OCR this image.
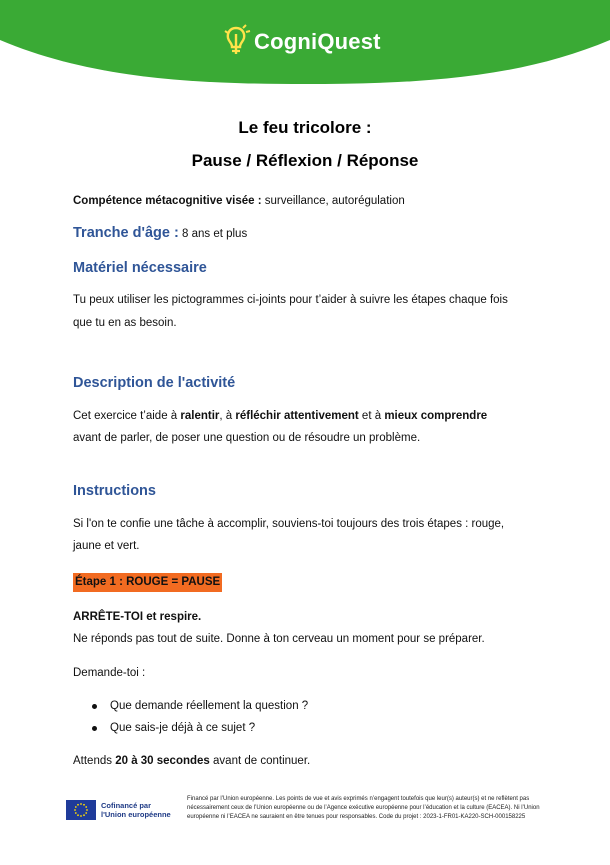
CogniQuest
Le feu tricolore :
Pause / Réflexion / Réponse
Compétence métacognitive visée : surveillance, autorégulation
Tranche d'âge : 8 ans et plus
Matériel nécessaire
Tu peux utiliser les pictogrammes ci-joints pour t’aider à suivre les étapes chaque fois
que tu en as besoin.
Description de l'activité
Cet exercice t’aide à ralentir, à réfléchir attentivement et à mieux comprendre
avant de parler, de poser une question ou de résoudre un problème.
Instructions
Si l'on te confie une tâche à accomplir, souviens-toi toujours des trois étapes : rouge,
jaune et vert.
Étape 1 : ROUGE = PAUSE
ARRÊTE-TOI et respire.
Ne réponds pas tout de suite. Donne à ton cerveau un moment pour se préparer.
Demande-toi :
Que demande réellement la question ?
Que sais-je déjà à ce sujet ?
Attends 20 à 30 secondes avant de continuer.
Cofinancé par
l'Union européenne
Financé par l’Union européenne. Les points de vue et avis exprimés n’engagent toutefois que leur(s) auteur(s) et ne reflètent pas nécessairement ceux de l’Union européenne ou de l’Agence exécutive européenne pour l’éducation et la culture (EACEA). Ni l’Union européenne ni l’EACEA ne sauraient en être tenues pour responsables. Code du projet : 2023-1-FR01-KA220-SCH-000158225
